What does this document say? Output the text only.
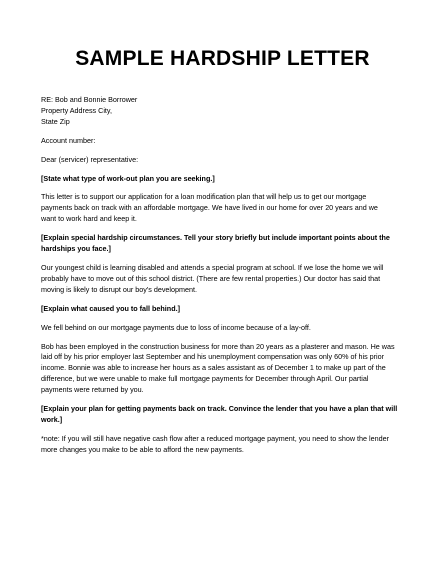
SAMPLE HARDSHIP LETTER
RE: Bob and Bonnie Borrower
Property Address City,
State Zip
Account number:
Dear (servicer) representative:
[State what type of work-out plan you are seeking.]
This letter is to support our application for a loan modification plan that will help us to get our mortgage
payments back on track with an affordable mortgage. We have lived in our home for over 20 years and we
want to work hard and keep it.
[Explain special hardship circumstances. Tell your story briefly but include important points about the
hardships you face.]
Our youngest child is learning disabled and attends a special program at school. If we lose the home we will
probably have to move out of this school district. (There are few rental properties.) Our doctor has said that
moving is likely to disrupt our boy's development.
[Explain what caused you to fall behind.]
We fell behind on our mortgage payments due to loss of income because of a lay-off.
Bob has been employed in the construction business for more than 20 years as a plasterer and mason. He was
laid off by his prior employer last September and his unemployment compensation was only 60% of his prior
income. Bonnie was able to increase her hours as a sales assistant as of December 1 to make up part of the
difference, but we were unable to make full mortgage payments for December through April. Our partial
payments were returned by you.
[Explain your plan for getting payments back on track. Convince the lender that you have a plan that will
work.]
*note: If you will still have negative cash flow after a reduced mortgage payment, you need to show the lender
more changes you make to be able to afford the new payments.
